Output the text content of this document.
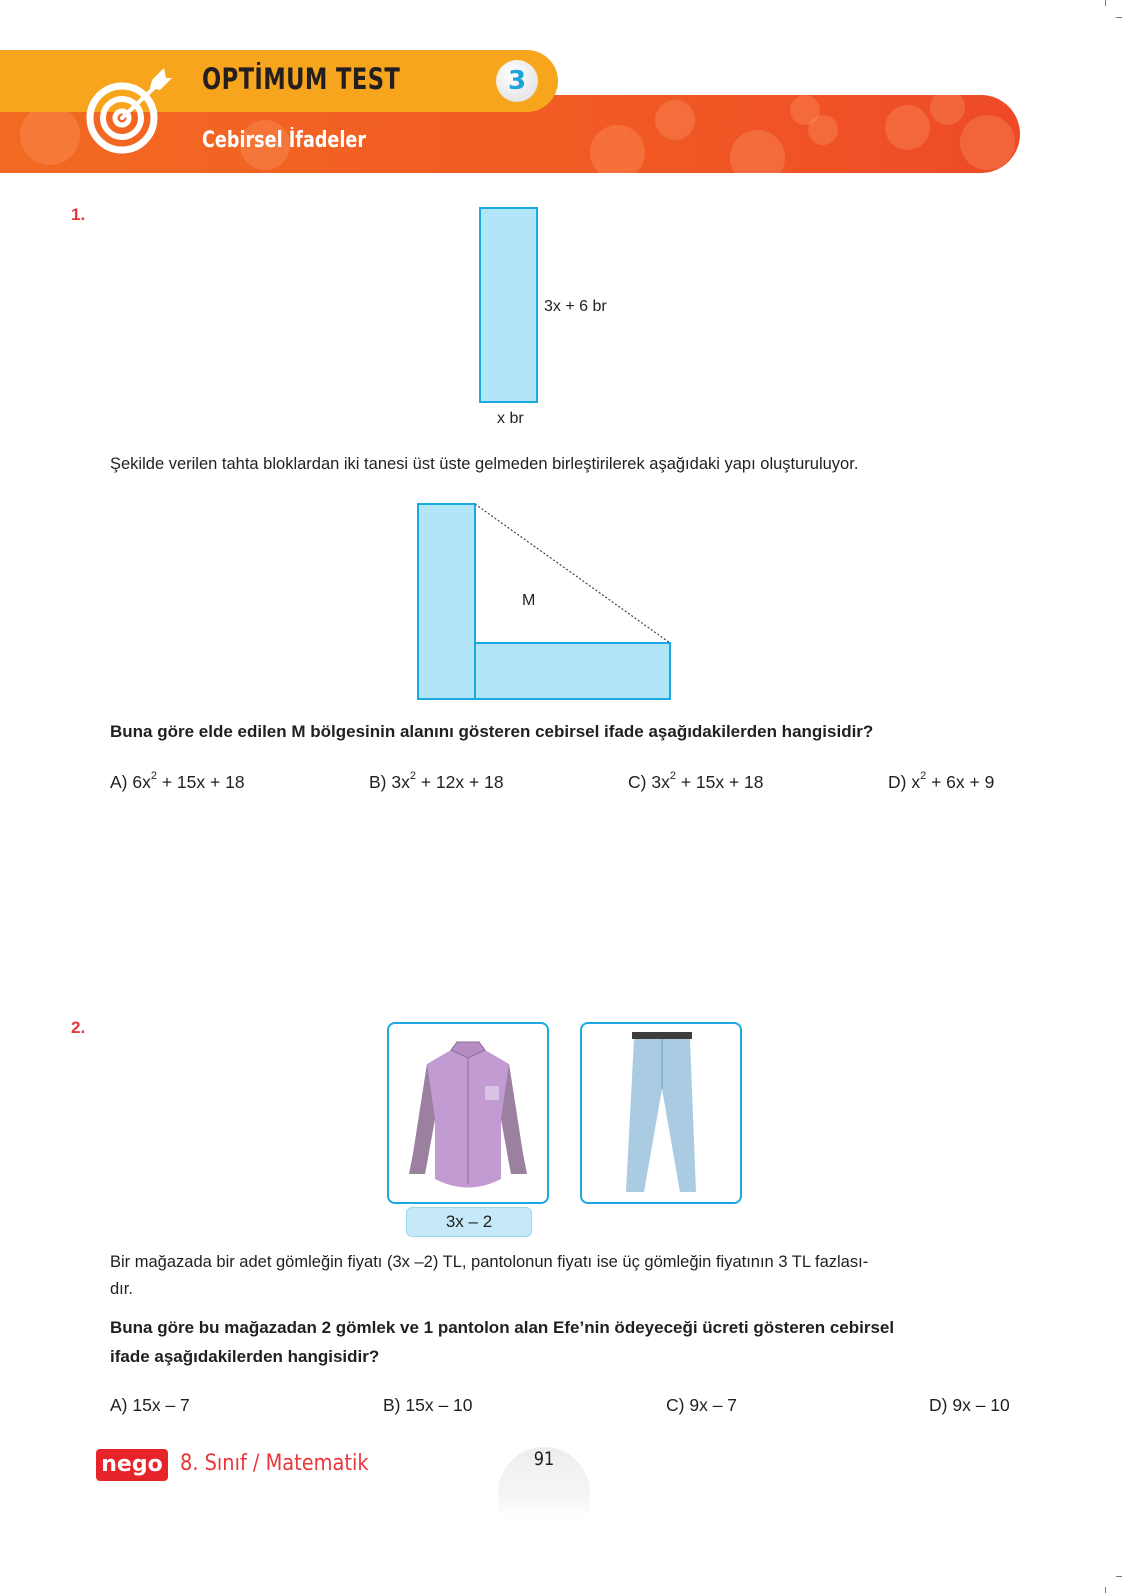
OPTİMUM TEST	3
Cebirsel İfadeler
1.
3x + 6 br
x br
Şekilde verilen tahta bloklardan iki tanesi üst üste gelmeden birleştirilerek aşağıdaki yapı oluşturuluyor.
M
Buna göre elde edilen M bölgesinin alanını gösteren cebirsel ifade aşağıdakilerden hangisidir?
A) $6x^2 + 15x + 18$	B) $3x^2 + 12x + 18$	C) $3x^2 + 15x + 18$	D) $x^2 + 6x + 9$
2.
3x – 2
Bir mağazada bir adet gömleğin fiyatı (3x –2) TL, pantolonun fiyatı ise üç gömleğin fiyatının 3 TL fazlası-
dır.
Buna göre bu mağazadan 2 gömlek ve 1 pantolon alan Efe’nin ödeyeceği ücreti gösteren cebirsel
ifade aşağıdakilerden hangisidir?
A) 15x – 7	B) 15x – 10	C) 9x – 7	D) 9x – 10
nego 8. Sınıf / Matematik	91
